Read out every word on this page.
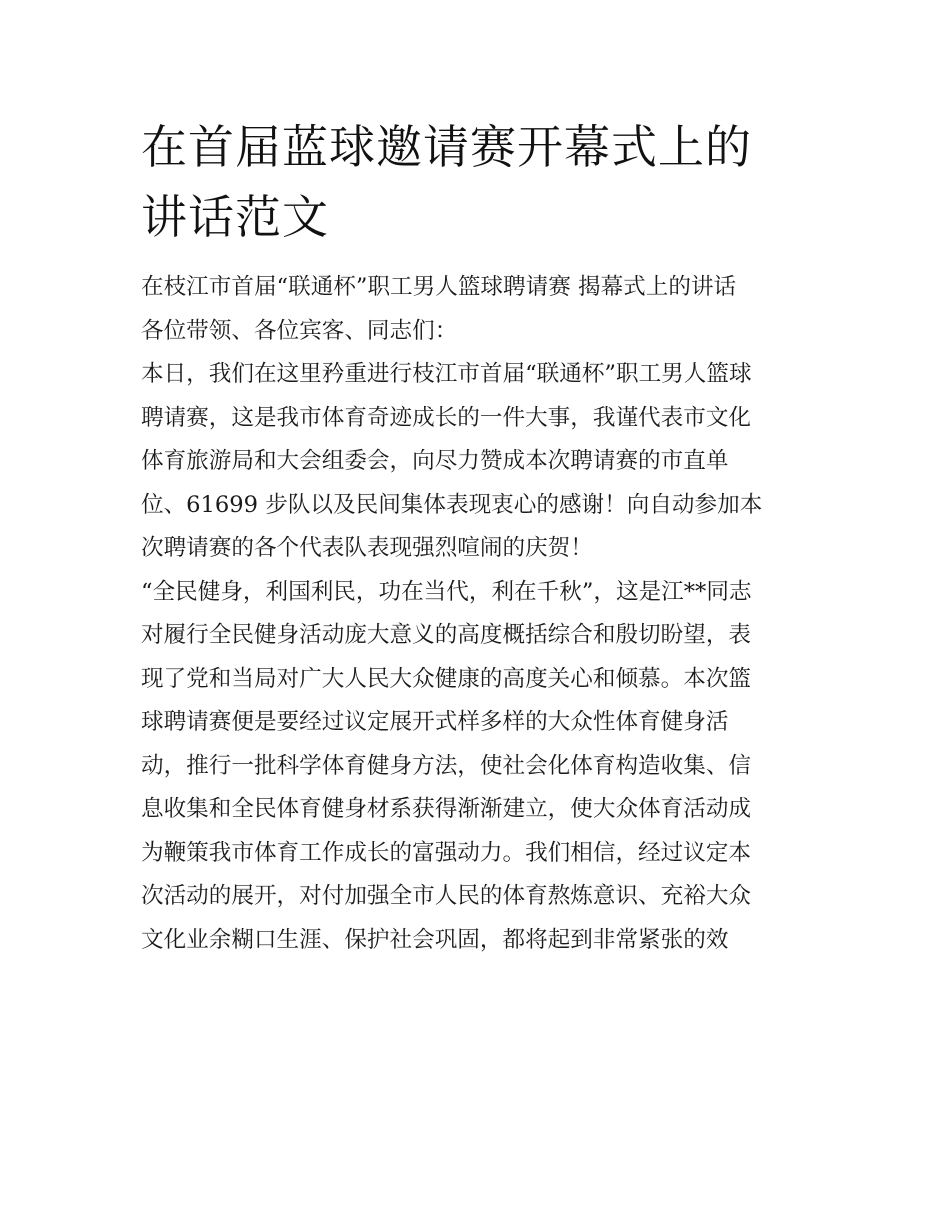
在首届蓝球邀请赛开幕式上的
讲话范文
在枝江市首届“联通杯”职工男人篮球聘请赛 揭幕式上的讲话
各位带领、各位宾客、同志们：
本日，我们在这里矜重进行枝江市首届“联通杯”职工男人篮球
聘请赛，这是我市体育奇迹成长的一件大事，我谨代表市文化
体育旅游局和大会组委会，向尽力赞成本次聘请赛的市直单
位、61699 步队以及民间集体表现衷心的感谢！向自动参加本
次聘请赛的各个代表队表现强烈喧闹的庆贺！
“全民健身，利国利民，功在当代，利在千秋”，这是江**同志
对履行全民健身活动庞大意义的高度概括综合和殷切盼望，表
现了党和当局对广大人民大众健康的高度关心和倾慕。本次篮
球聘请赛便是要经过议定展开式样多样的大众性体育健身活
动，推行一批科学体育健身方法，使社会化体育构造收集、信
息收集和全民体育健身材系获得渐渐建立，使大众体育活动成
为鞭策我市体育工作成长的富强动力。我们相信，经过议定本
次活动的展开，对付加强全市人民的体育熬炼意识、充裕大众
文化业余糊口生涯、保护社会巩固，都将起到非常紧张的效
